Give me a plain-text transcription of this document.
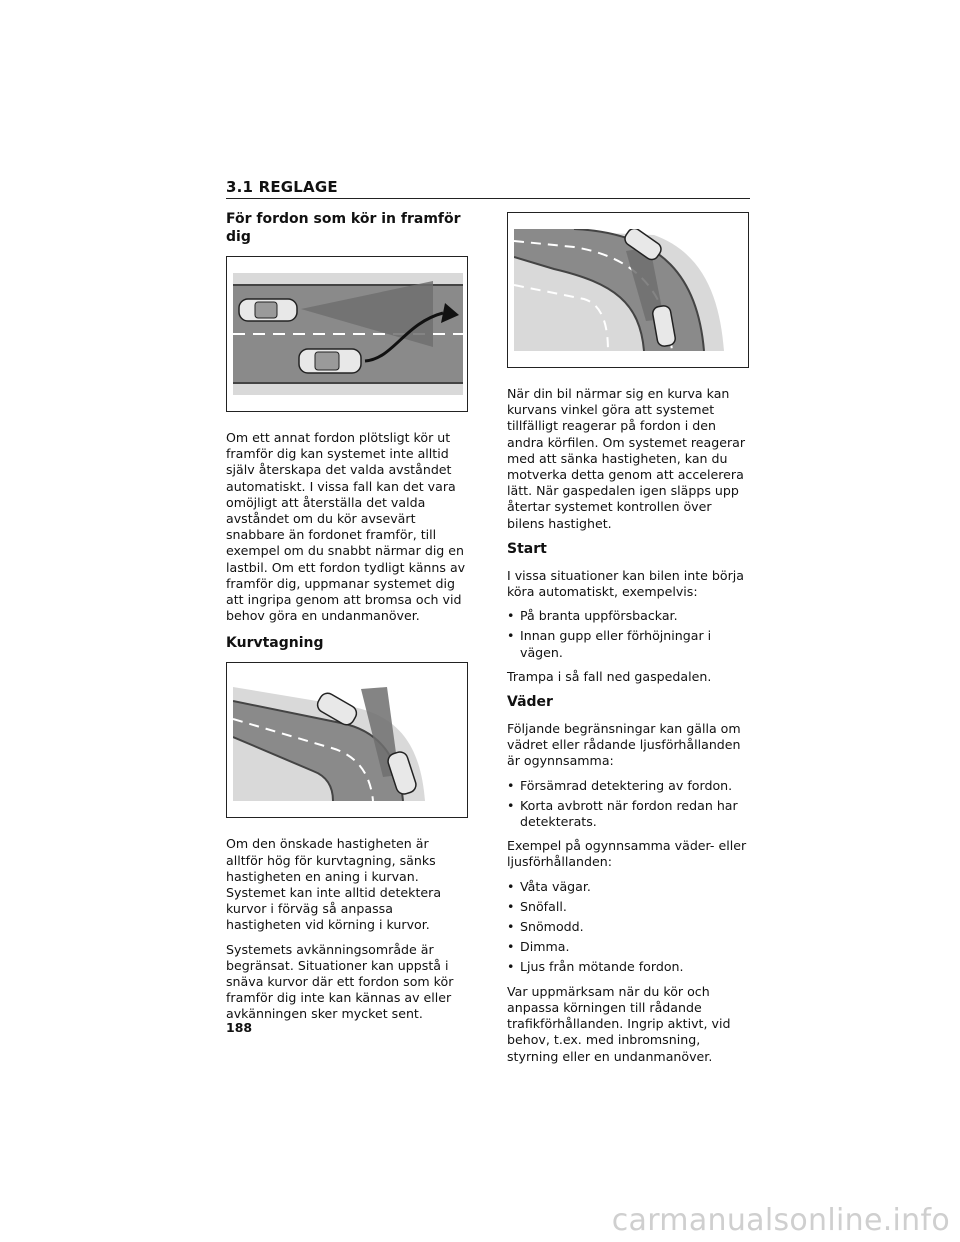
3.1 REGLAGE
För fordon som kör in framför dig

Om ett annat fordon plötsligt kör ut framför dig kan systemet inte alltid själv återskapa det valda avståndet automatiskt. I vissa fall kan det vara omöjligt att återställa det valda avståndet om du kör avsevärt snabbare än fordonet framför, till exempel om du snabbt närmar dig en lastbil. Om ett fordon tydligt känns av framför dig, uppmanar systemet dig att ingripa genom att bromsa och vid behov göra en undanmanöver.

Kurvtagning

Om den önskade hastigheten är alltför hög för kurvtagning, sänks hastigheten en aning i kurvan. Systemet kan inte alltid detektera kurvor i förväg så anpassa hastigheten vid körning i kurvor.

Systemets avkänningsområde är begränsat. Situationer kan uppstå i snäva kurvor där ett fordon som kör framför dig inte kan kännas av eller avkänningen sker mycket sent.

När din bil närmar sig en kurva kan kurvans vinkel göra att systemet tillfälligt reagerar på fordon i den andra körfilen. Om systemet reagerar med att sänka hastigheten, kan du motverka detta genom att accelerera lätt. När gaspedalen igen släpps upp återtar systemet kontrollen över bilens hastighet.

Start

I vissa situationer kan bilen inte börja köra automatiskt, exempelvis:

• På branta uppförsbackar.
• Innan gupp eller förhöjningar i vägen.

Trampa i så fall ned gaspedalen.

Väder

Följande begränsningar kan gälla om vädret eller rådande ljusförhållanden är ogynnsamma:

• Försämrad detektering av fordon.
• Korta avbrott när fordon redan har detekterats.

Exempel på ogynnsamma väder- eller ljusförhållanden:

• Våta vägar.
• Snöfall.
• Snömodd.
• Dimma.
• Ljus från mötande fordon.

Var uppmärksam när du kör och anpassa körningen till rådande trafikförhållanden. Ingrip aktivt, vid behov, t.ex. med inbromsning, styrning eller en undanmanöver.

188
carmanualsonline.info
